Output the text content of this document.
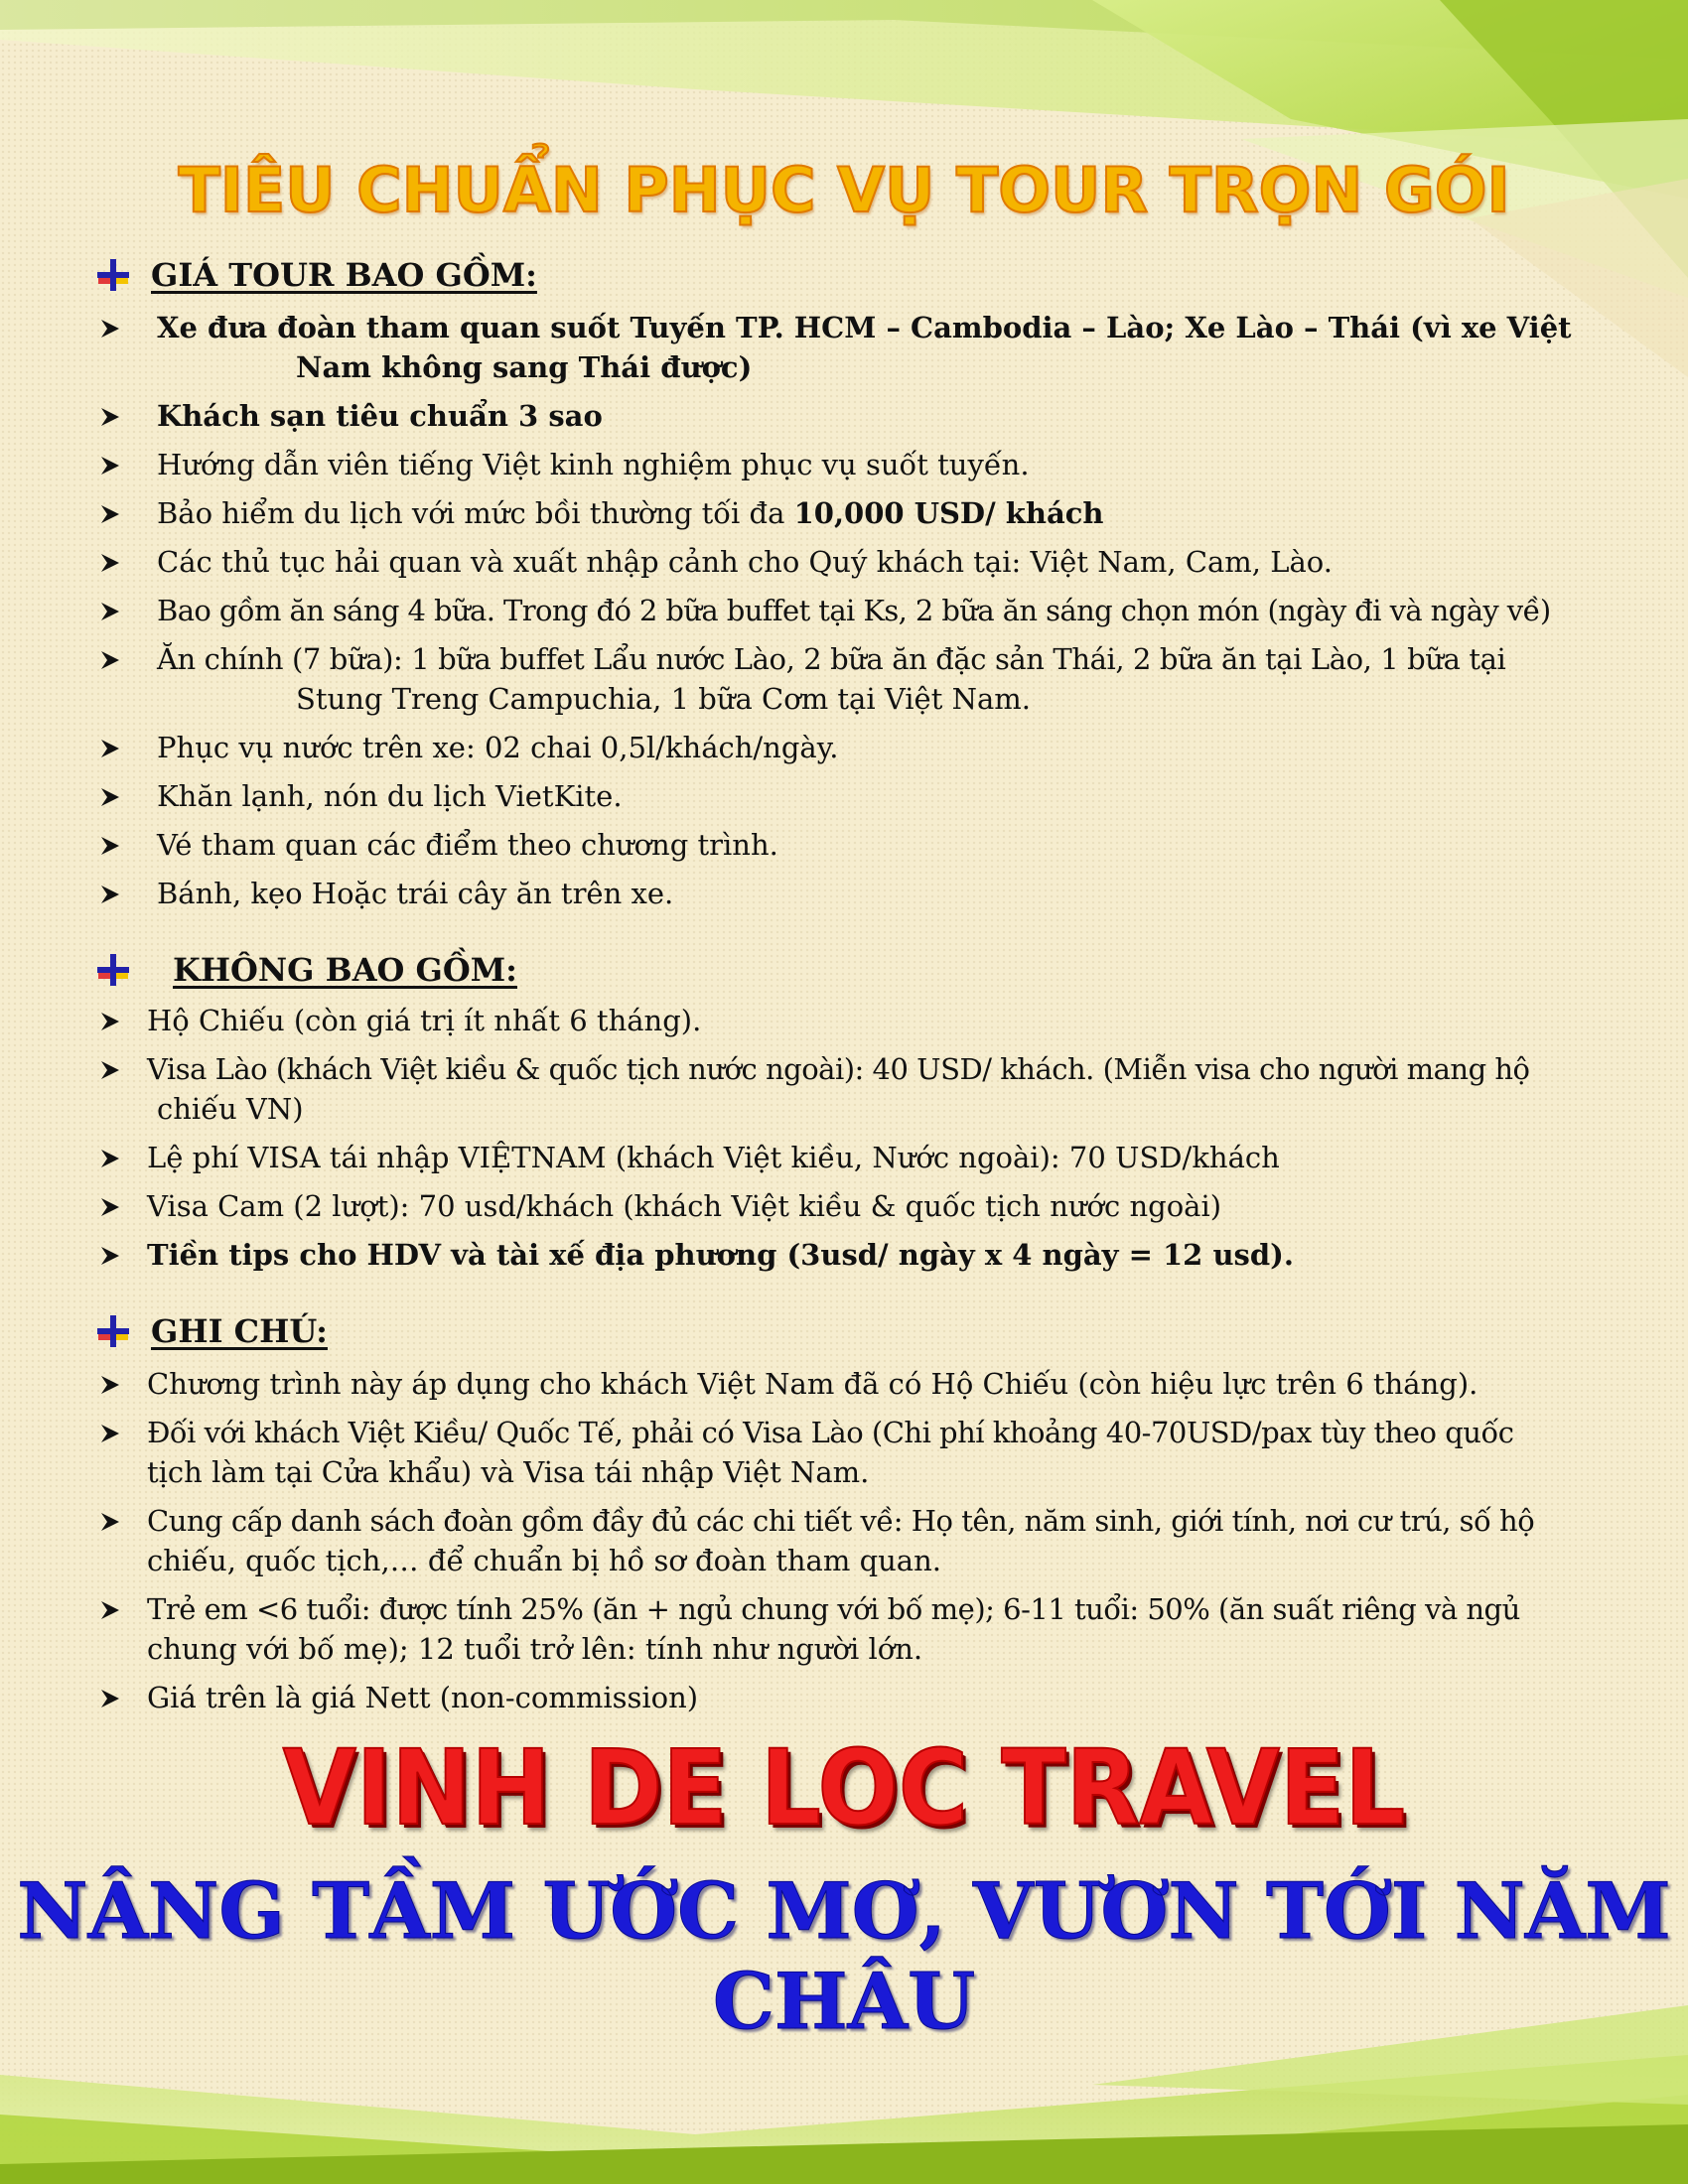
TIÊU CHUẨN PHỤC VỤ TOUR TRỌN GÓI
GIÁ TOUR BAO GỒM:
Xe đưa đoàn tham quan suốt Tuyến TP. HCM – Cambodia – Lào; Xe Lào – Thái (vì xe Việt
Nam không sang Thái được)
Khách sạn tiêu chuẩn 3 sao
Hướng dẫn viên tiếng Việt kinh nghiệm phục vụ suốt tuyến.
Bảo hiểm du lịch với mức bồi thường tối đa 10,000 USD/ khách
Các thủ tục hải quan và xuất nhập cảnh cho Quý khách tại: Việt Nam, Cam, Lào.
Bao gồm ăn sáng 4 bữa. Trong đó 2 bữa buffet tại Ks, 2 bữa ăn sáng chọn món (ngày đi và ngày về)
Ăn chính (7 bữa): 1 bữa buffet Lẩu nước Lào, 2 bữa ăn đặc sản Thái, 2 bữa ăn tại Lào, 1 bữa tại
Stung Treng Campuchia, 1 bữa Cơm tại Việt Nam.
Phục vụ nước trên xe: 02 chai 0,5l/khách/ngày.
Khăn lạnh, nón du lịch VietKite.
Vé tham quan các điểm theo chương trình.
Bánh, kẹo Hoặc trái cây ăn trên xe.
KHÔNG BAO GỒM:
Hộ Chiếu (còn giá trị ít nhất 6 tháng).
Visa Lào (khách Việt kiều & quốc tịch nước ngoài): 40 USD/ khách. (Miễn visa cho người mang hộ
chiếu VN)
Lệ phí VISA tái nhập VIỆTNAM (khách Việt kiều, Nước ngoài): 70 USD/khách
Visa Cam (2 lượt): 70 usd/khách (khách Việt kiều & quốc tịch nước ngoài)
Tiền tips cho HDV và tài xế địa phương (3usd/ ngày x 4 ngày = 12 usd).
GHI CHÚ:
Chương trình này áp dụng cho khách Việt Nam đã có Hộ Chiếu (còn hiệu lực trên 6 tháng).
Đối với khách Việt Kiều/ Quốc Tế, phải có Visa Lào (Chi phí khoảng 40-70USD/pax tùy theo quốc
tịch làm tại Cửa khẩu) và Visa tái nhập Việt Nam.
Cung cấp danh sách đoàn gồm đầy đủ các chi tiết về: Họ tên, năm sinh, giới tính, nơi cư trú, số hộ
chiếu, quốc tịch,… để chuẩn bị hồ sơ đoàn tham quan.
Trẻ em <6 tuổi: được tính 25% (ăn + ngủ chung với bố mẹ); 6-11 tuổi: 50% (ăn suất riêng và ngủ
chung với bố mẹ); 12 tuổi trở lên: tính như người lớn.
Giá trên là giá Nett (non-commission)
VINH DE LOC TRAVEL
NÂNG TẦM ƯỚC MƠ, VƯƠN TỚI NĂM CHÂU
